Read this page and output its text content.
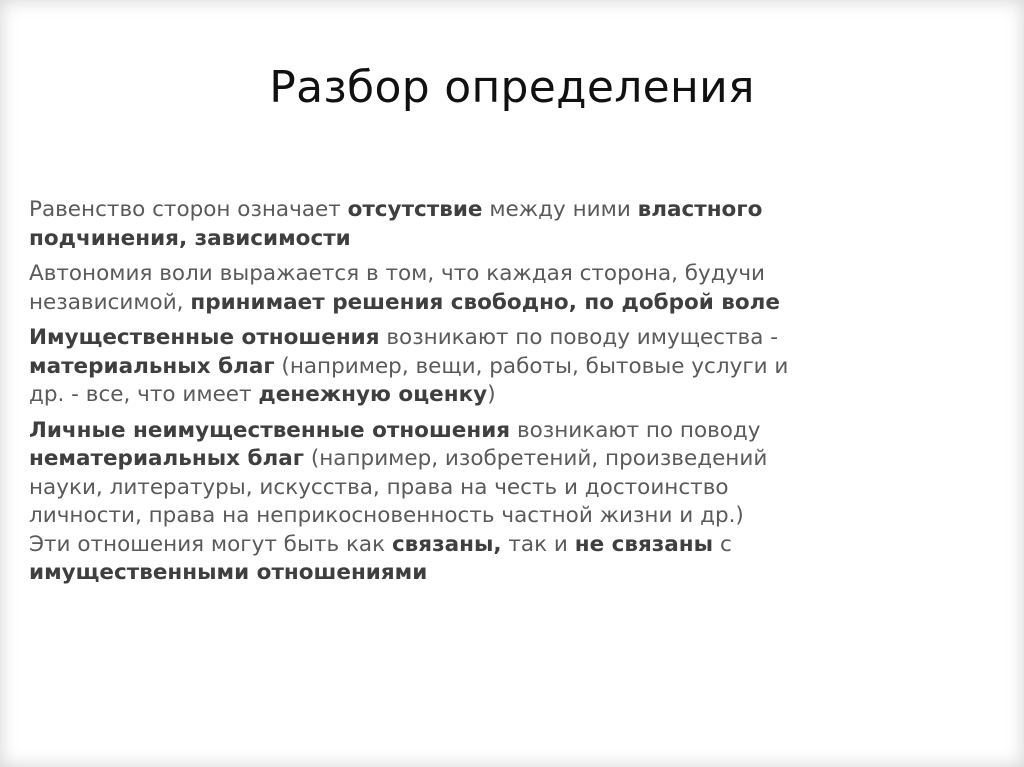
Разбор определения

Равенство сторон означает отсутствие между ними властного
подчинения, зависимости

Автономия воли выражается в том, что каждая сторона, будучи
независимой, принимает решения свободно, по доброй воле

Имущественные отношения возникают по поводу имущества -
материальных благ (например, вещи, работы, бытовые услуги и
др. - все, что имеет денежную оценку)

Личные неимущественные отношения возникают по поводу
нематериальных благ (например, изобретений, произведений
науки, литературы, искусства, права на честь и достоинство
личности, права на неприкосновенность частной жизни и др.)
Эти отношения могут быть как связаны, так и не связаны с
имущественными отношениями
